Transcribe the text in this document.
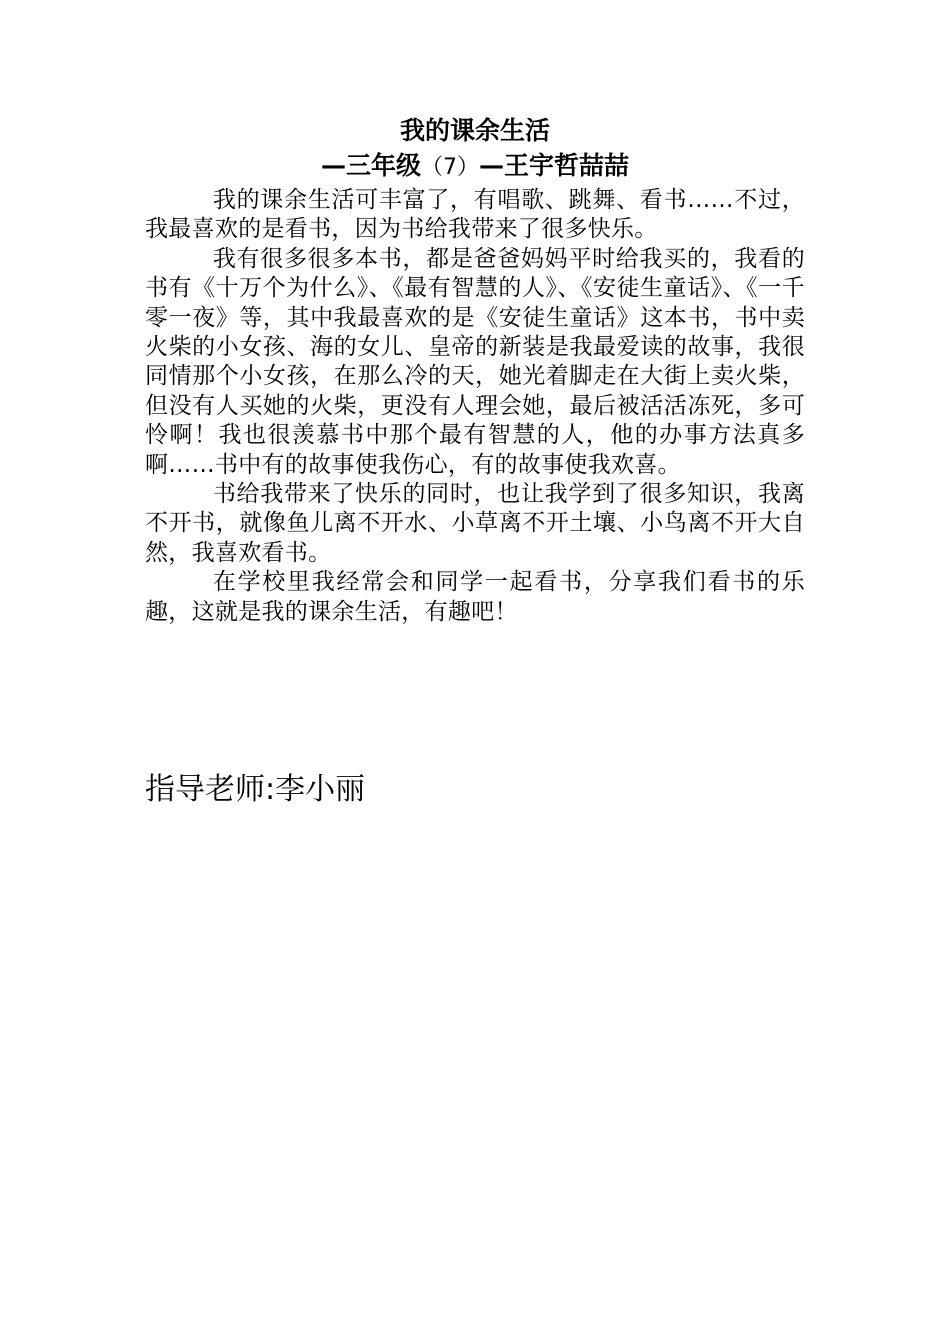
我的课余生活
—三年级（7）—王宇哲喆喆

我的课余生活可丰富了，有唱歌、跳舞、看书……不过，我最喜欢的是看书，因为书给我带来了很多快乐。

我有很多很多本书，都是爸爸妈妈平时给我买的，我看的书有《十万个为什么》、《最有智慧的人》、《安徒生童话》、《一千零一夜》等，其中我最喜欢的是《安徒生童话》这本书，书中卖火柴的小女孩、海的女儿、皇帝的新装是我最爱读的故事，我很同情那个小女孩，在那么冷的天，她光着脚走在大街上卖火柴，但没有人买她的火柴，更没有人理会她，最后被活活冻死，多可怜啊！我也很羡慕书中那个最有智慧的人，他的办事方法真多啊……书中有的故事使我伤心，有的故事使我欢喜。

书给我带来了快乐的同时，也让我学到了很多知识，我离不开书，就像鱼儿离不开水、小草离不开土壤、小鸟离不开大自然，我喜欢看书。

在学校里我经常会和同学一起看书，分享我们看书的乐趣，这就是我的课余生活，有趣吧！

指导老师:李小丽
